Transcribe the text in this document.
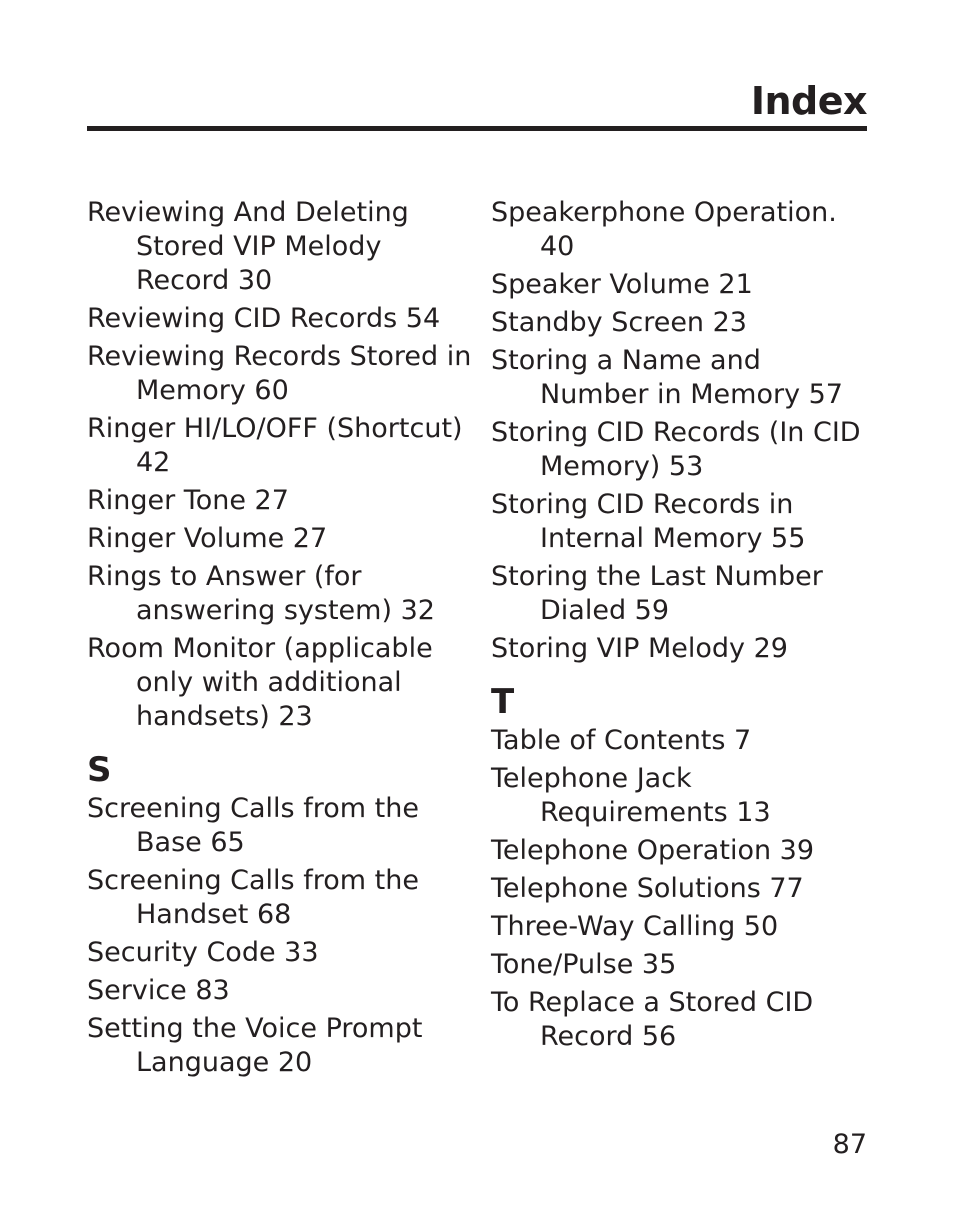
Index
Reviewing And Deleting
Stored VIP Melody
Record 30
Reviewing CID Records 54
Reviewing Records Stored in
Memory 60
Ringer HI/LO/OFF (Shortcut)
42
Ringer Tone 27
Ringer Volume 27
Rings to Answer (for
answering system) 32
Room Monitor (applicable
only with additional
handsets) 23
S
Screening Calls from the
Base 65
Screening Calls from the
Handset 68
Security Code 33
Service 83
Setting the Voice Prompt
Language 20
Speakerphone Operation.
40
Speaker Volume 21
Standby Screen 23
Storing a Name and
Number in Memory 57
Storing CID Records (In CID
Memory) 53
Storing CID Records in
Internal Memory 55
Storing the Last Number
Dialed 59
Storing VIP Melody 29
T
Table of Contents 7
Telephone Jack
Requirements 13
Telephone Operation 39
Telephone Solutions 77
Three-Way Calling 50
Tone/Pulse 35
To Replace a Stored CID
Record 56
87
